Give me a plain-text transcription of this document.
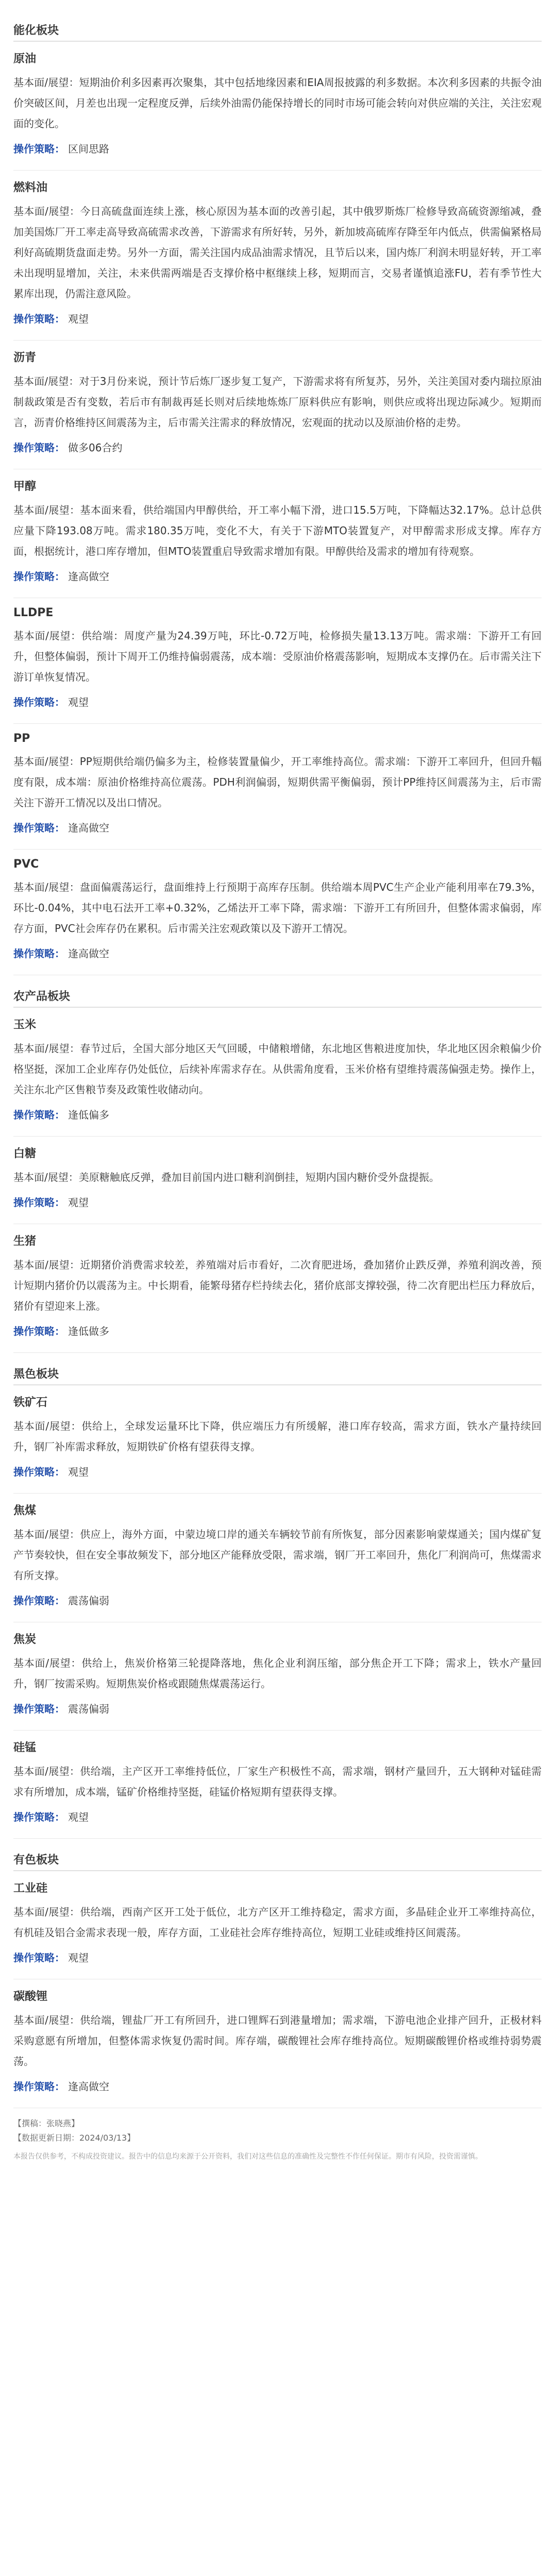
能化板块
原油
基本面/展望：短期油价利多因素再次聚集，其中包括地缘因素和EIA周报披露的利多数据。本次利多因素的共振令油价突破区间，月差也出现一定程度反弹，后续外油需仍能保持增长的同时市场可能会转向对供应端的关注，关注宏观面的变化。
操作策略： 区间思路
燃料油
基本面/展望：今日高硫盘面连续上涨，核心原因为基本面的改善引起，其中俄罗斯炼厂检修导致高硫资源缩减，叠加美国炼厂开工率走高导致高硫需求改善，下游需求有所好转，另外，新加坡高硫库存降至年内低点，供需偏紧格局利好高硫期货盘面走势。另外一方面，需关注国内成品油需求情况，且节后以来，国内炼厂利润未明显好转，开工率未出现明显增加，关注，未来供需两端是否支撑价格中枢继续上移，短期而言，交易者谨慎追涨FU，若有季节性大累库出现，仍需注意风险。
操作策略： 观望
沥青
基本面/展望：对于3月份来说，预计节后炼厂逐步复工复产，下游需求将有所复苏，另外，关注美国对委内瑞拉原油制裁政策是否有变数，若后市有制裁再延长则对后续地炼炼厂原料供应有影响，则供应或将出现边际减少。短期而言，沥青价格维持区间震荡为主，后市需关注需求的释放情况，宏观面的扰动以及原油价格的走势。
操作策略： 做多06合约
甲醇
基本面/展望：基本面来看，供给端国内甲醇供给，开工率小幅下滑，进口15.5万吨，下降幅达32.17%。总计总供应量下降193.08万吨。需求180.35万吨，变化不大，有关于下游MTO装置复产，对甲醇需求形成支撑。库存方面，根据统计，港口库存增加，但MTO装置重启导致需求增加有限。甲醇供给及需求的增加有待观察。
操作策略： 逢高做空
LLDPE
基本面/展望：供给端：周度产量为24.39万吨，环比-0.72万吨，检修损失量13.13万吨。需求端：下游开工有回升，但整体偏弱，预计下周开工仍维持偏弱震荡，成本端：受原油价格震荡影响，短期成本支撑仍在。后市需关注下游订单恢复情况。
操作策略： 观望
PP
基本面/展望：PP短期供给端仍偏多为主，检修装置量偏少，开工率维持高位。需求端：下游开工率回升，但回升幅度有限，成本端：原油价格维持高位震荡。PDH利润偏弱，短期供需平衡偏弱，预计PP维持区间震荡为主，后市需关注下游开工情况以及出口情况。
操作策略： 逢高做空
PVC
基本面/展望：盘面偏震荡运行，盘面维持上行预期于高库存压制。供给端本周PVC生产企业产能利用率在79.3%，环比-0.04%，其中电石法开工率+0.32%，乙烯法开工率下降，需求端：下游开工有所回升，但整体需求偏弱，库存方面，PVC社会库存仍在累积。后市需关注宏观政策以及下游开工情况。
操作策略： 逢高做空
农产品板块
玉米
基本面/展望：春节过后，全国大部分地区天气回暖，中储粮增储，东北地区售粮进度加快，华北地区因余粮偏少价格坚挺，深加工企业库存仍处低位，后续补库需求存在。从供需角度看，玉米价格有望维持震荡偏强走势。操作上，关注东北产区售粮节奏及政策性收储动向。
操作策略： 逢低偏多
白糖
基本面/展望：美原糖触底反弹，叠加目前国内进口糖利润倒挂，短期内国内糖价受外盘提振。
操作策略： 观望
生猪
基本面/展望：近期猪价消费需求较差，养殖端对后市看好，二次育肥进场，叠加猪价止跌反弹，养殖利润改善，预计短期内猪价仍以震荡为主。中长期看，能繁母猪存栏持续去化，猪价底部支撑较强，待二次育肥出栏压力释放后，猪价有望迎来上涨。
操作策略： 逢低做多
黑色板块
铁矿石
基本面/展望：供给上，全球发运量环比下降，供应端压力有所缓解，港口库存较高，需求方面，铁水产量持续回升，钢厂补库需求释放，短期铁矿价格有望获得支撑。
操作策略： 观望
焦煤
基本面/展望：供应上，海外方面，中蒙边境口岸的通关车辆较节前有所恢复，部分因素影响蒙煤通关；国内煤矿复产节奏较快，但在安全事故频发下，部分地区产能释放受限，需求端，钢厂开工率回升，焦化厂利润尚可，焦煤需求有所支撑。
操作策略： 震荡偏弱
焦炭
基本面/展望：供给上，焦炭价格第三轮提降落地，焦化企业利润压缩，部分焦企开工下降；需求上，铁水产量回升，钢厂按需采购。短期焦炭价格或跟随焦煤震荡运行。
操作策略： 震荡偏弱
硅锰
基本面/展望：供给端，主产区开工率维持低位，厂家生产积极性不高，需求端，钢材产量回升，五大钢种对锰硅需求有所增加，成本端，锰矿价格维持坚挺，硅锰价格短期有望获得支撑。
操作策略： 观望
有色板块
工业硅
基本面/展望：供给端，西南产区开工处于低位，北方产区开工维持稳定，需求方面，多晶硅企业开工率维持高位，有机硅及铝合金需求表现一般，库存方面，工业硅社会库存维持高位，短期工业硅或维持区间震荡。
操作策略： 观望
碳酸锂
基本面/展望：供给端，锂盐厂开工有所回升，进口锂辉石到港量增加；需求端，下游电池企业排产回升，正极材料采购意愿有所增加，但整体需求恢复仍需时间。库存端，碳酸锂社会库存维持高位。短期碳酸锂价格或维持弱势震荡。
操作策略： 逢高做空
【撰稿：张晓燕】
【数据更新日期：2024/03/13】
本报告仅供参考，不构成投资建议。报告中的信息均来源于公开资料，我们对这些信息的准确性及完整性不作任何保证。期市有风险，投资需谨慎。
